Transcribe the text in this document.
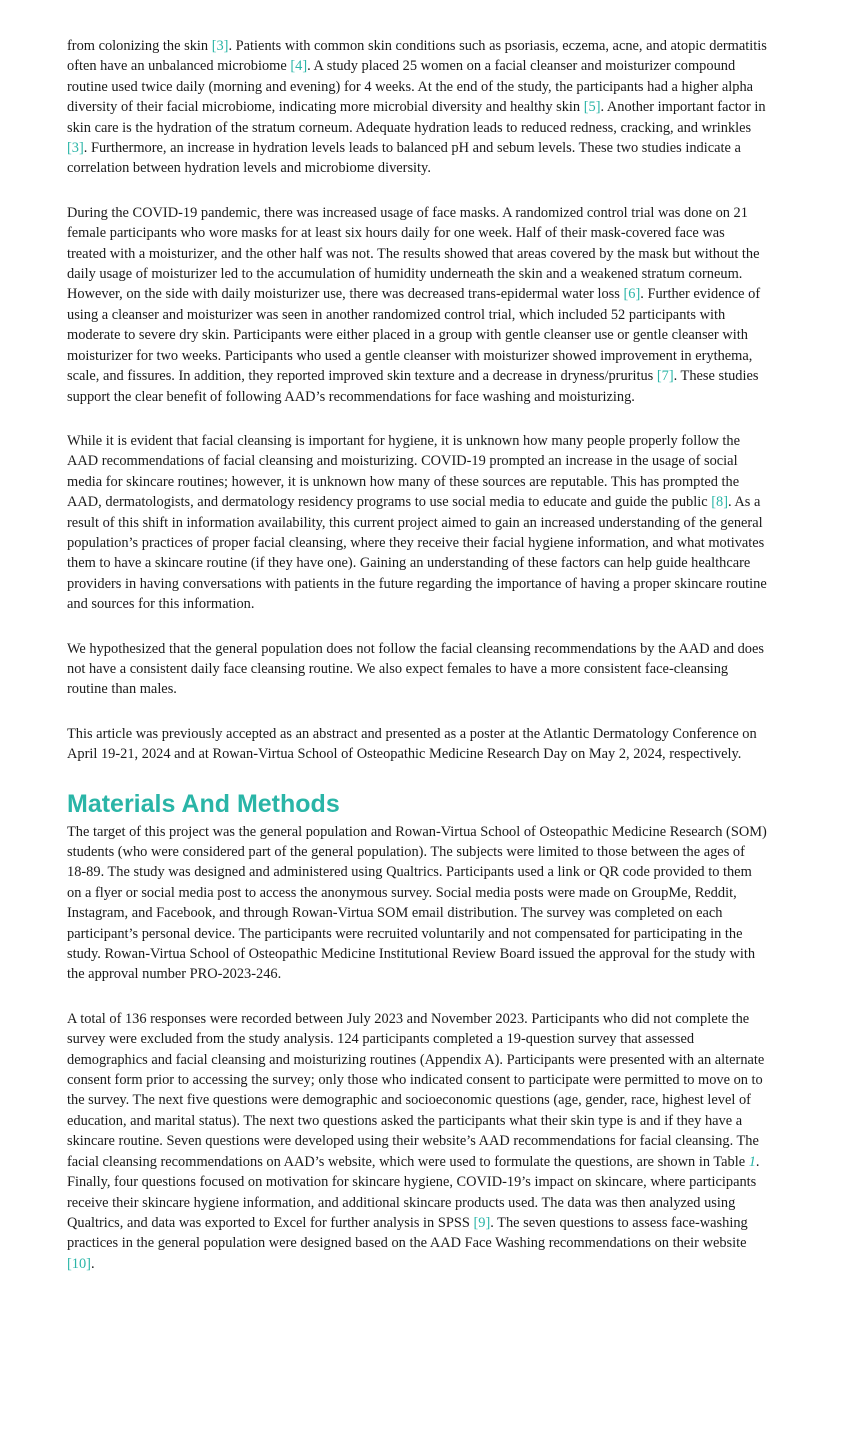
from colonizing the skin [3]. Patients with common skin conditions such as psoriasis, eczema, acne, and atopic dermatitis often have an unbalanced microbiome [4]. A study placed 25 women on a facial cleanser and moisturizer compound routine used twice daily (morning and evening) for 4 weeks. At the end of the study, the participants had a higher alpha diversity of their facial microbiome, indicating more microbial diversity and healthy skin [5]. Another important factor in skin care is the hydration of the stratum corneum. Adequate hydration leads to reduced redness, cracking, and wrinkles [3]. Furthermore, an increase in hydration levels leads to balanced pH and sebum levels. These two studies indicate a correlation between hydration levels and microbiome diversity.

During the COVID-19 pandemic, there was increased usage of face masks. A randomized control trial was done on 21 female participants who wore masks for at least six hours daily for one week. Half of their mask-covered face was treated with a moisturizer, and the other half was not. The results showed that areas covered by the mask but without the daily usage of moisturizer led to the accumulation of humidity underneath the skin and a weakened stratum corneum. However, on the side with daily moisturizer use, there was decreased trans-epidermal water loss [6]. Further evidence of using a cleanser and moisturizer was seen in another randomized control trial, which included 52 participants with moderate to severe dry skin. Participants were either placed in a group with gentle cleanser use or gentle cleanser with moisturizer for two weeks. Participants who used a gentle cleanser with moisturizer showed improvement in erythema, scale, and fissures. In addition, they reported improved skin texture and a decrease in dryness/pruritus [7]. These studies support the clear benefit of following AAD’s recommendations for face washing and moisturizing.

While it is evident that facial cleansing is important for hygiene, it is unknown how many people properly follow the AAD recommendations of facial cleansing and moisturizing. COVID-19 prompted an increase in the usage of social media for skincare routines; however, it is unknown how many of these sources are reputable. This has prompted the AAD, dermatologists, and dermatology residency programs to use social media to educate and guide the public [8]. As a result of this shift in information availability, this current project aimed to gain an increased understanding of the general population’s practices of proper facial cleansing, where they receive their facial hygiene information, and what motivates them to have a skincare routine (if they have one). Gaining an understanding of these factors can help guide healthcare providers in having conversations with patients in the future regarding the importance of having a proper skincare routine and sources for this information.

We hypothesized that the general population does not follow the facial cleansing recommendations by the AAD and does not have a consistent daily face cleansing routine. We also expect females to have a more consistent face-cleansing routine than males.

This article was previously accepted as an abstract and presented as a poster at the Atlantic Dermatology Conference on April 19-21, 2024 and at Rowan-Virtua School of Osteopathic Medicine Research Day on May 2, 2024, respectively.

Materials And Methods

The target of this project was the general population and Rowan-Virtua School of Osteopathic Medicine Research (SOM) students (who were considered part of the general population). The subjects were limited to those between the ages of 18-89. The study was designed and administered using Qualtrics. Participants used a link or QR code provided to them on a flyer or social media post to access the anonymous survey. Social media posts were made on GroupMe, Reddit, Instagram, and Facebook, and through Rowan-Virtua SOM email distribution. The survey was completed on each participant’s personal device. The participants were recruited voluntarily and not compensated for participating in the study. Rowan-Virtua School of Osteopathic Medicine Institutional Review Board issued the approval for the study with the approval number PRO-2023-246.

A total of 136 responses were recorded between July 2023 and November 2023. Participants who did not complete the survey were excluded from the study analysis. 124 participants completed a 19-question survey that assessed demographics and facial cleansing and moisturizing routines (Appendix A). Participants were presented with an alternate consent form prior to accessing the survey; only those who indicated consent to participate were permitted to move on to the survey. The next five questions were demographic and socioeconomic questions (age, gender, race, highest level of education, and marital status). The next two questions asked the participants what their skin type is and if they have a skincare routine. Seven questions were developed using their website’s AAD recommendations for facial cleansing. The facial cleansing recommendations on AAD’s website, which were used to formulate the questions, are shown in Table 1. Finally, four questions focused on motivation for skincare hygiene, COVID-19’s impact on skincare, where participants receive their skincare hygiene information, and additional skincare products used. The data was then analyzed using Qualtrics, and data was exported to Excel for further analysis in SPSS [9]. The seven questions to assess face-washing practices in the general population were designed based on the AAD Face Washing recommendations on their website [10].
